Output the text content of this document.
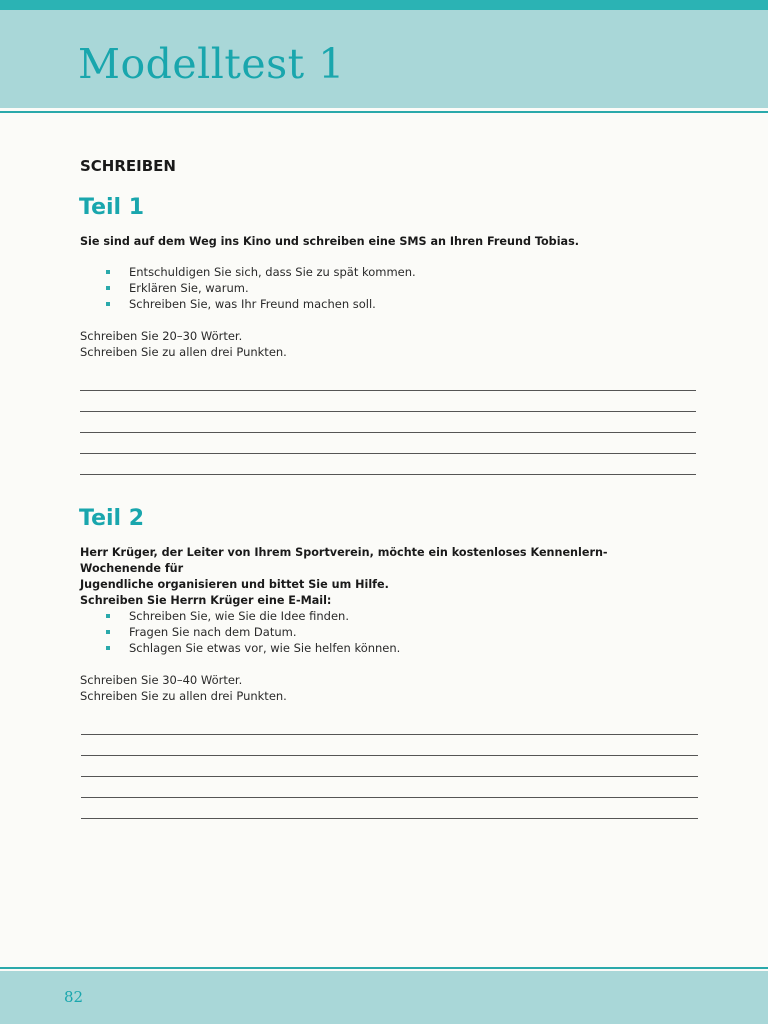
Modelltest 1
SCHREIBEN
Teil 1

Sie sind auf dem Weg ins Kino und schreiben eine SMS an Ihren Freund Tobias.

Entschuldigen Sie sich, dass Sie zu spät kommen.
Erklären Sie, warum.
Schreiben Sie, was Ihr Freund machen soll.

Schreiben Sie 20–30 Wörter.
Schreiben Sie zu allen drei Punkten.

Teil 2

Herr Krüger, der Leiter von Ihrem Sportverein, möchte ein kostenloses Kennenlern-Wochenende für
Jugendliche organisieren und bittet Sie um Hilfe.
Schreiben Sie Herrn Krüger eine E-Mail:

Schreiben Sie, wie Sie die Idee finden.
Fragen Sie nach dem Datum.
Schlagen Sie etwas vor, wie Sie helfen können.

Schreiben Sie 30–40 Wörter.
Schreiben Sie zu allen drei Punkten.

82
